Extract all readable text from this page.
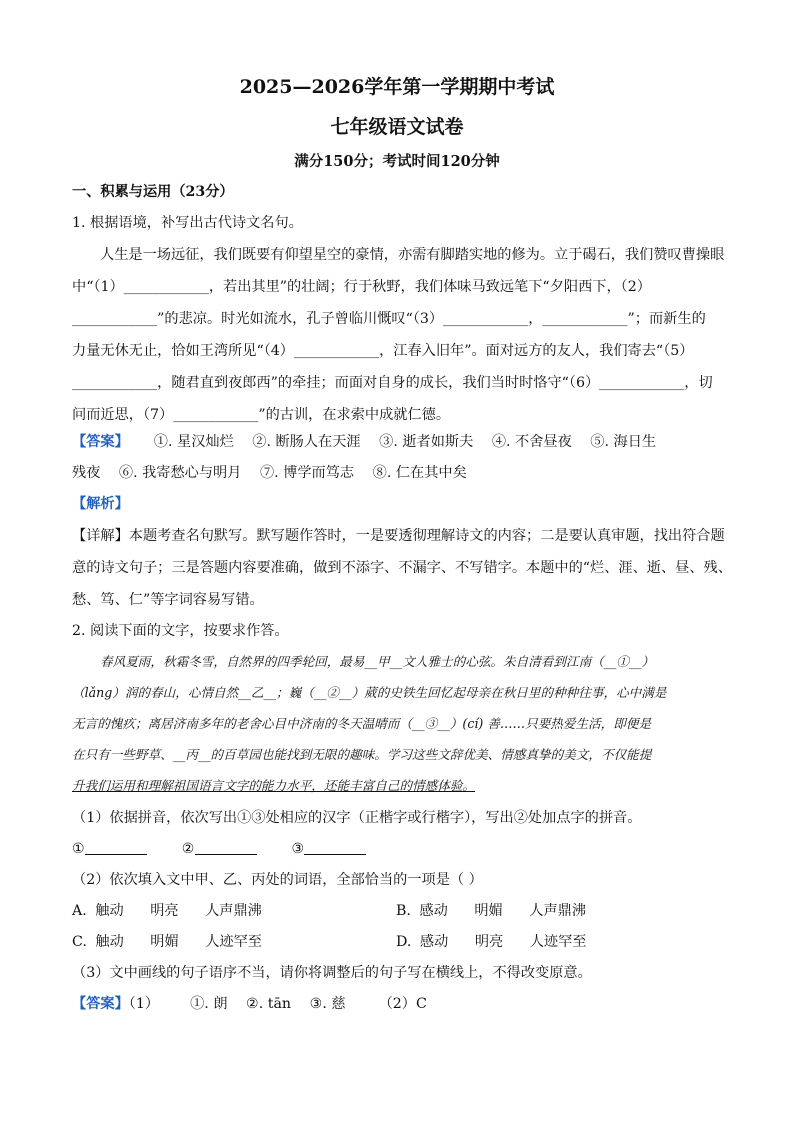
2025—2026学年第一学期期中考试
七年级语文试卷
满分150分；考试时间120分钟
一、积累与运用（23分）
1. 根据语境，补写出古代诗文名句。
人生是一场远征，我们既要有仰望星空的豪情，亦需有脚踏实地的修为。立于碣石，我们赞叹曹操眼
中“（1）____________，若出其里”的壮阔；行于秋野，我们体味马致远笔下“夕阳西下，（2）
____________”的悲凉。时光如流水，孔子曾临川慨叹“（3）____________，____________”；而新生的
力量无休无止，恰如王湾所见“（4）____________，江春入旧年”。面对远方的友人，我们寄去“（5）
____________，随君直到夜郎西”的牵挂；而面对自身的成长，我们当时时恪守“（6）____________，切
问而近思，（7）____________”的古训，在求索中成就仁德。
【答案】 ①. 星汉灿烂 ②. 断肠人在天涯 ③. 逝者如斯夫 ④. 不舍昼夜 ⑤. 海日生
残夜 ⑥. 我寄愁心与明月 ⑦. 博学而笃志 ⑧. 仁在其中矣
【解析】
【详解】本题考查名句默写。默写题作答时，一是要透彻理解诗文的内容；二是要认真审题，找出符合题
意的诗文句子；三是答题内容要准确，做到不添字、不漏字、不写错字。本题中的“烂、涯、逝、昼、残、
愁、笃、仁”等字词容易写错。
2. 阅读下面的文字，按要求作答。
春风夏雨，秋霜冬雪，自然界的四季轮回，最易__甲__文人雅士的心弦。朱自清看到江南（__①__）
（lǎng）润的春山，心情自然__乙__；巍（__②__）葳的史铁生回忆起母亲在秋日里的种种往事，心中满是
无言的愧疚；离居济南多年的老舍心目中济南的冬天温晴而（__③__）(cí) 善……只要热爱生活，即便是
在只有一些野草、__丙__的百草园也能找到无限的趣味。学习这些文辞优美、情感真挚的美文，不仅能提
升我们运用和理解祖国语言文字的能力水平，还能丰富自己的情感体验。
（1）依据拼音，依次写出①③处相应的汉字（正楷字或行楷字），写出②处加点字的拼音。
①	②	③
（2）依次填入文中甲、乙、丙处的词语，全部恰当的一项是（ ）
A. 触动 明亮 人声鼎沸	B. 感动 明媚 人声鼎沸
C. 触动 明媚 人迹罕至	D. 感动 明亮 人迹罕至
（3）文中画线的句子语序不当，请你将调整后的句子写在横线上，不得改变原意。
【答案】（1） ①. 朗 ②. tān ③. 慈 （2）C
